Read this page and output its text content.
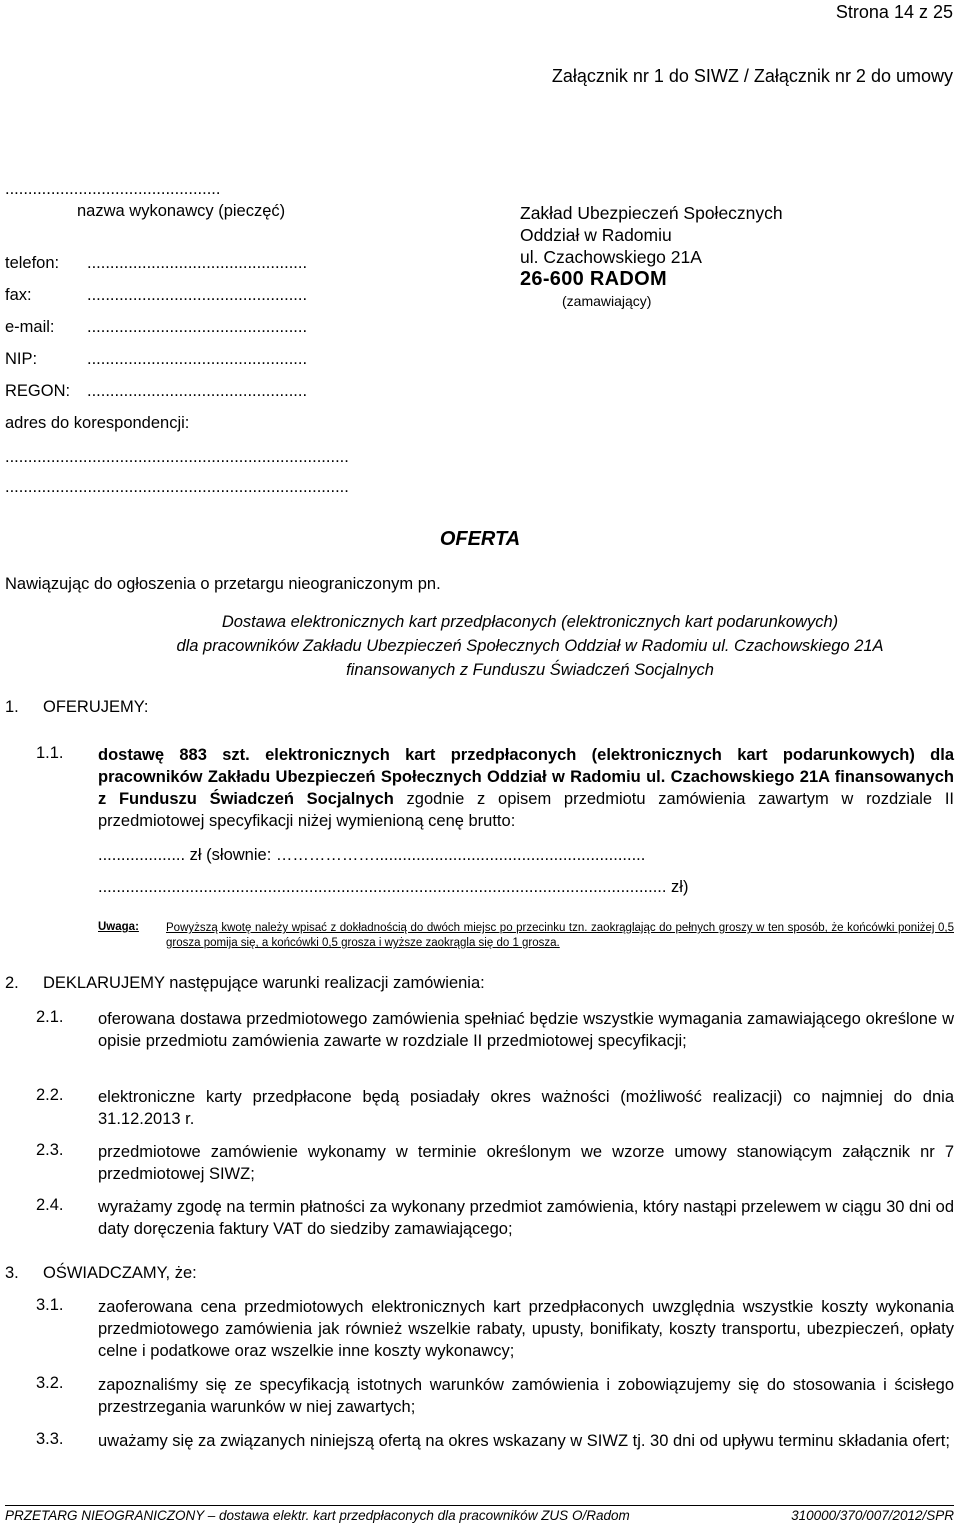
Strona 14 z 25
Załącznik nr 1 do SIWZ / Załącznik nr 2 do umowy
...............................................
nazwa wykonawcy (pieczęć)
telefon: ................................................
fax:	................................................
e-mail: ................................................
NIP:	................................................
REGON: ................................................
adres do korespondencji:
...........................................................................
...........................................................................
Zakład Ubezpieczeń Społecznych
Oddział w Radomiu
ul. Czachowskiego 21A
26-600 RADOM
(zamawiający)
OFERTA
Nawiązując do ogłoszenia o przetargu nieograniczonym pn.
Dostawa elektronicznych kart przedpłaconych (elektronicznych kart podarunkowych)
dla pracowników Zakładu Ubezpieczeń Społecznych Oddział w Radomiu ul. Czachowskiego 21A
finansowanych z Funduszu Świadczeń Socjalnych
1. OFERUJEMY:
1.1. dostawę 883 szt. elektronicznych kart przedpłaconych (elektronicznych kart podarunkowych) dla pracowników Zakładu Ubezpieczeń Społecznych Oddział w Radomiu ul. Czachowskiego 21A finansowanych z Funduszu Świadczeń Socjalnych zgodnie z opisem przedmiotu zamówienia zawartym w rozdziale II przedmiotowej specyfikacji niżej wymienioną cenę brutto:
................... zł (słownie: ………………...........................................................
............................................................................................................................ zł)
Uwaga: Powyższą kwotę należy wpisać z dokładnością do dwóch miejsc po przecinku tzn. zaokrąglając do pełnych groszy w ten sposób, że końcówki poniżej 0,5 grosza pomija się, a końcówki 0,5 grosza i wyższe zaokrągla się do 1 grosza.
2. DEKLARUJEMY następujące warunki realizacji zamówienia:
2.1. oferowana dostawa przedmiotowego zamówienia spełniać będzie wszystkie wymagania zamawiającego określone w opisie przedmiotu zamówienia zawarte w rozdziale II przedmiotowej specyfikacji;
2.2. elektroniczne karty przedpłacone będą posiadały okres ważności (możliwość realizacji) co najmniej do dnia 31.12.2013 r.
2.3. przedmiotowe zamówienie wykonamy w terminie określonym we wzorze umowy stanowiącym załącznik nr 7 przedmiotowej SIWZ;
2.4. wyrażamy zgodę na termin płatności za wykonany przedmiot zamówienia, który nastąpi przelewem w ciągu 30 dni od daty doręczenia faktury VAT do siedziby zamawiającego;
3. OŚWIADCZAMY, że:
3.1. zaoferowana cena przedmiotowych elektronicznych kart przedpłaconych uwzględnia wszystkie koszty wykonania przedmiotowego zamówienia jak również wszelkie rabaty, upusty, bonifikaty, koszty transportu, ubezpieczeń, opłaty celne i podatkowe oraz wszelkie inne koszty wykonawcy;
3.2. zapoznaliśmy się ze specyfikacją istotnych warunków zamówienia i zobowiązujemy się do stosowania i ścisłego przestrzegania warunków w niej zawartych;
3.3. uważamy się za związanych niniejszą ofertą na okres wskazany w SIWZ tj. 30 dni od upływu terminu składania ofert;
PRZETARG NIEOGRANICZONY – dostawa elektr. kart przedpłaconych dla pracowników ZUS O/Radom	310000/370/007/2012/SPR
